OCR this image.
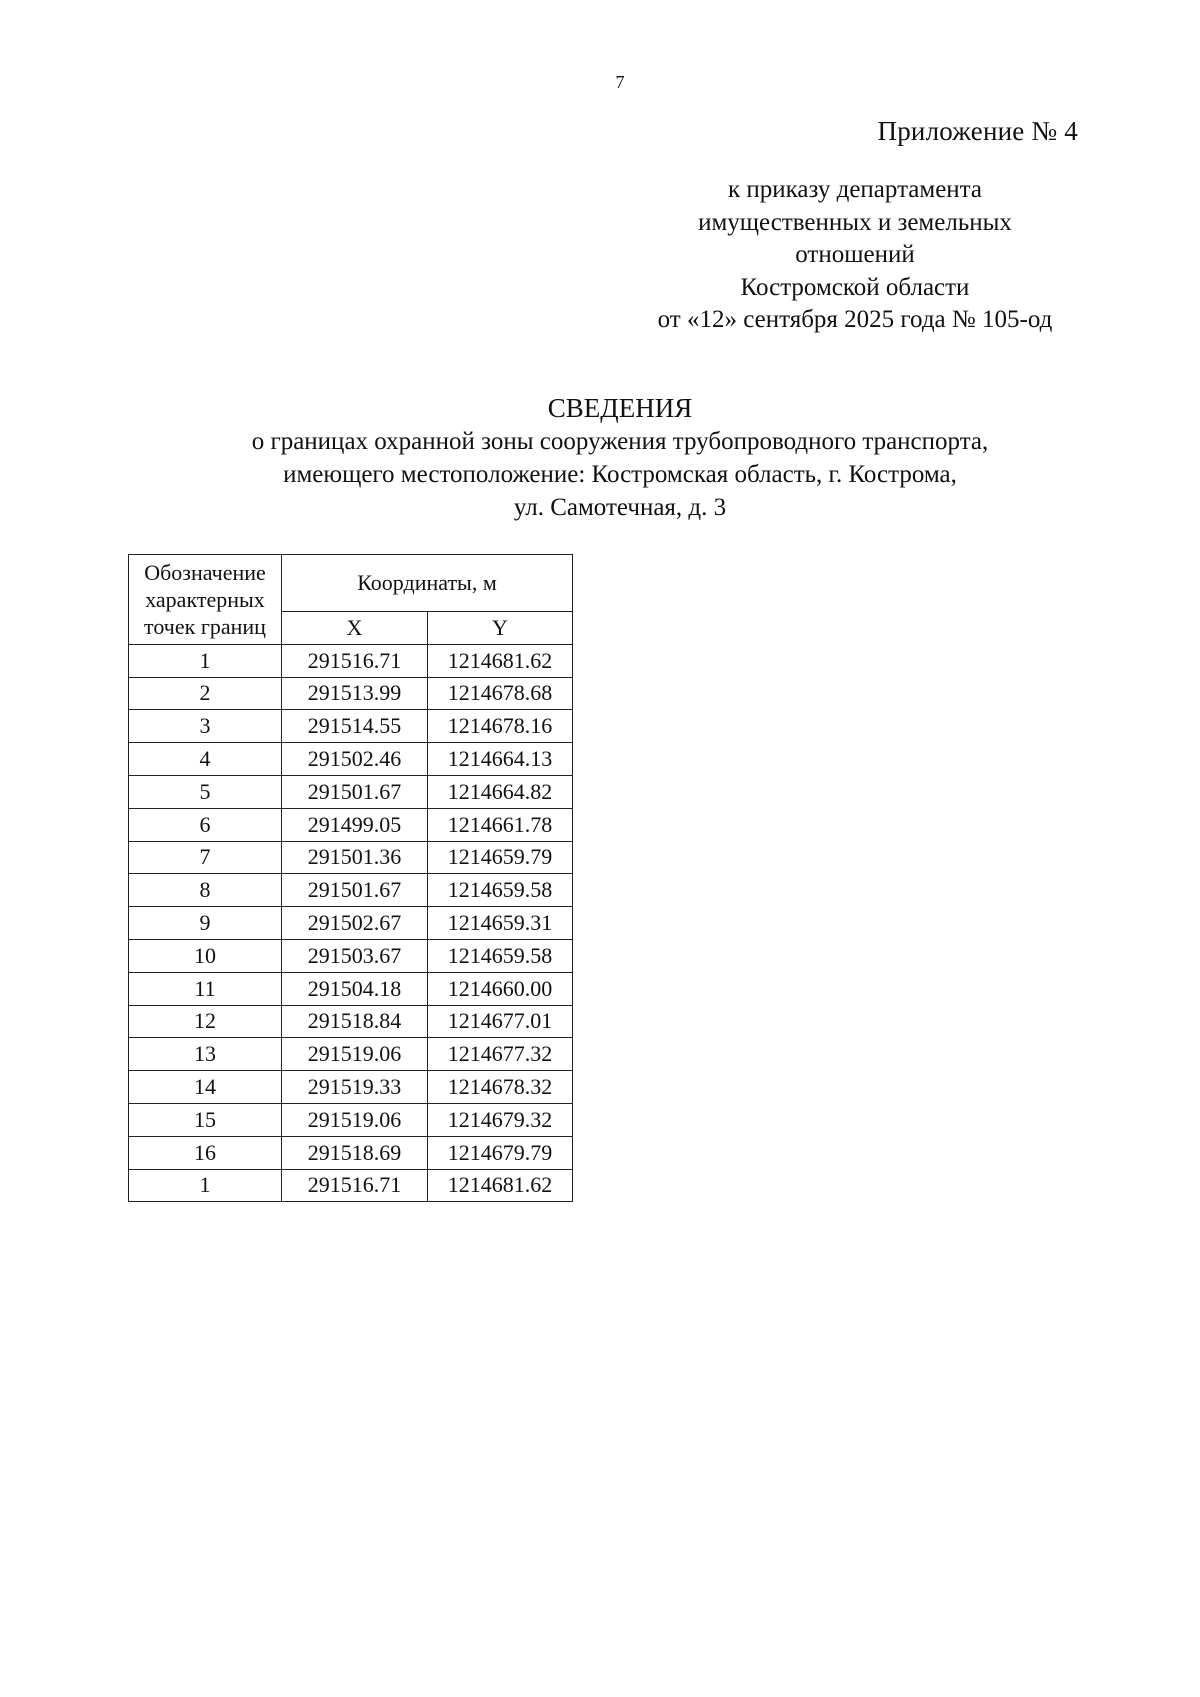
7
Приложение № 4
к приказу департамента
имущественных и земельных
отношений
Костромской области
от «12» сентября 2025 года № 105-од
СВЕДЕНИЯ
о границах охранной зоны сооружения трубопроводного транспорта,
имеющего местоположение: Костромская область, г. Кострома,
ул. Самотечная, д. 3
Обозначение
характерных
точек границ	Координаты, м	
	X	Y
1	291516.71	1214681.62
2	291513.99	1214678.68
3	291514.55	1214678.16
4	291502.46	1214664.13
5	291501.67	1214664.82
6	291499.05	1214661.78
7	291501.36	1214659.79
8	291501.67	1214659.58
9	291502.67	1214659.31
10	291503.67	1214659.58
11	291504.18	1214660.00
12	291518.84	1214677.01
13	291519.06	1214677.32
14	291519.33	1214678.32
15	291519.06	1214679.32
16	291518.69	1214679.79
1	291516.71	1214681.62
